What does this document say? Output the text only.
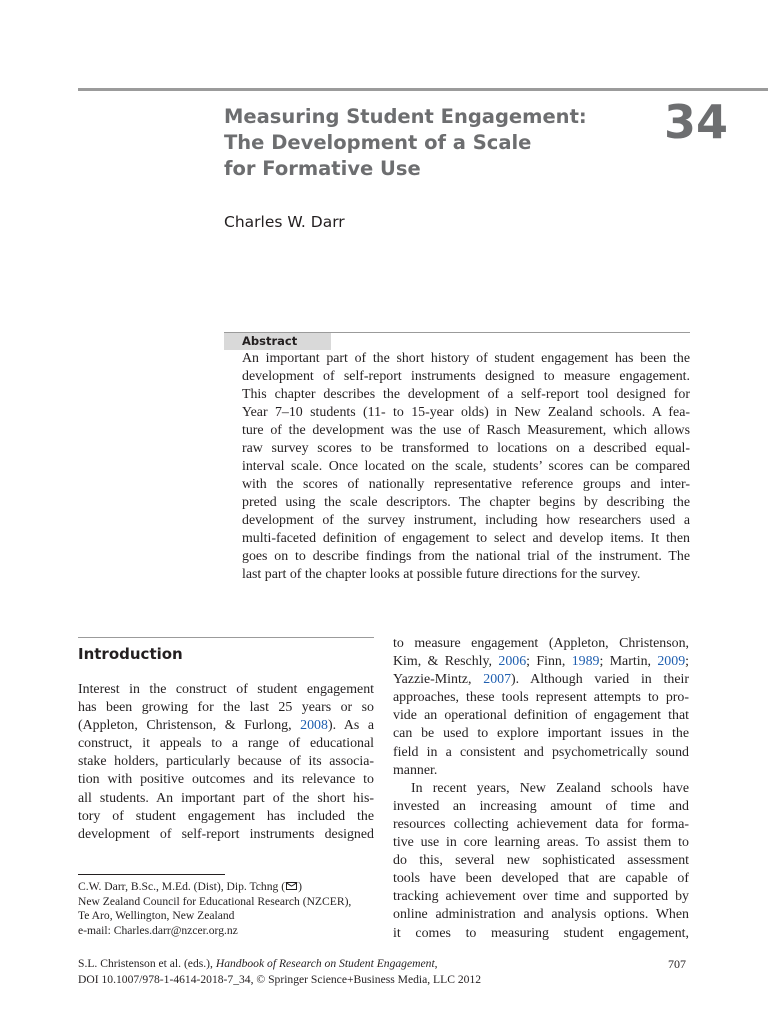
Measuring Student Engagement:
The Development of a Scale
for Formative Use
34
Charles W. Darr
Abstract
An important part of the short history of student engagement has been the
development of self-report instruments designed to measure engagement.
This chapter describes the development of a self-report tool designed for
Year 7–10 students (11- to 15-year olds) in New Zealand schools. A fea-
ture of the development was the use of Rasch Measurement, which allows
raw survey scores to be transformed to locations on a described equal-
interval scale. Once located on the scale, students’ scores can be compared
with the scores of nationally representative reference groups and inter-
preted using the scale descriptors. The chapter begins by describing the
development of the survey instrument, including how researchers used a
multi-faceted definition of engagement to select and develop items. It then
goes on to describe findings from the national trial of the instrument. The
last part of the chapter looks at possible future directions for the survey.
Introduction
Interest in the construct of student engagement
has been growing for the last 25 years or so
(Appleton, Christenson, & Furlong, 2008). As a
construct, it appeals to a range of educational
stake holders, particularly because of its associa-
tion with positive outcomes and its relevance to
all students. An important part of the short his-
tory of student engagement has included the
development of self-report instruments designed
to measure engagement (Appleton, Christenson,
Kim, & Reschly, 2006; Finn, 1989; Martin, 2009;
Yazzie-Mintz, 2007). Although varied in their
approaches, these tools represent attempts to pro-
vide an operational definition of engagement that
can be used to explore important issues in the
field in a consistent and psychometrically sound
manner.
In recent years, New Zealand schools have
invested an increasing amount of time and
resources collecting achievement data for forma-
tive use in core learning areas. To assist them to
do this, several new sophisticated assessment
tools have been developed that are capable of
tracking achievement over time and supported by
online administration and analysis options. When
it comes to measuring student engagement,
C.W. Darr, B.Sc., M.Ed. (Dist), Dip. Tchng ( )
New Zealand Council for Educational Research (NZCER),
Te Aro, Wellington, New Zealand
e-mail: Charles.darr@nzcer.org.nz
S.L. Christenson et al. (eds.), Handbook of Research on Student Engagement,
DOI 10.1007/978-1-4614-2018-7_34, © Springer Science+Business Media, LLC 2012
707
